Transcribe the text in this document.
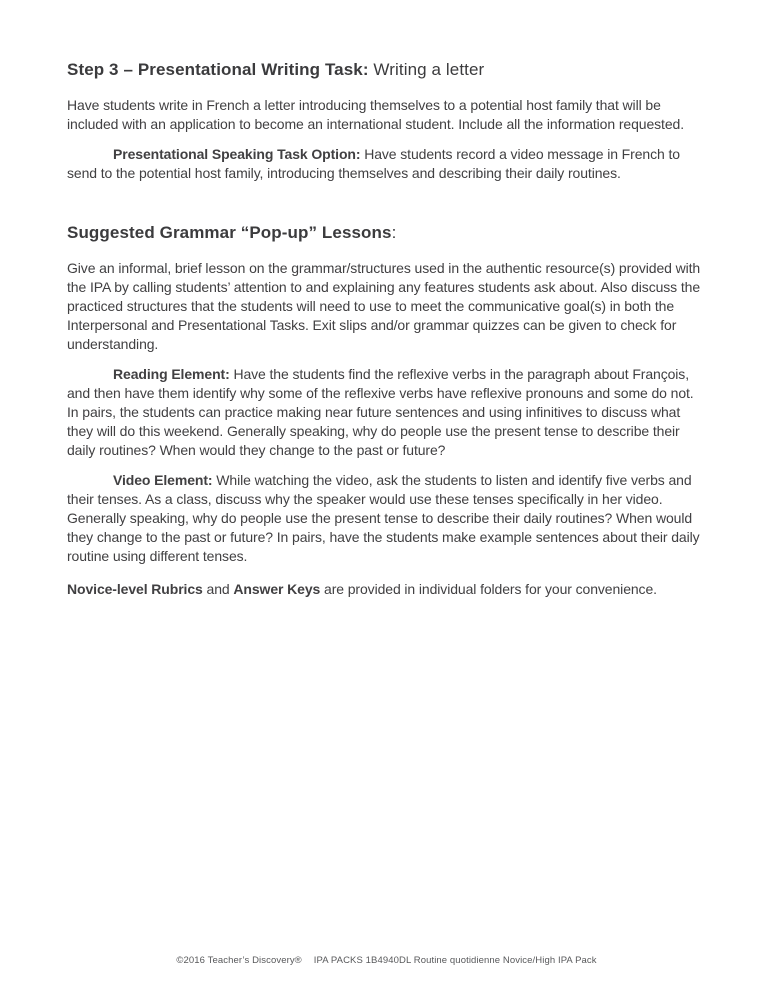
Step 3 – Presentational Writing Task: Writing a letter

Have students write in French a letter introducing themselves to a potential host family that will be included with an application to become an international student. Include all the information requested.

Presentational Speaking Task Option: Have students record a video message in French to send to the potential host family, introducing themselves and describing their daily routines.

Suggested Grammar “Pop-up” Lessons:

Give an informal, brief lesson on the grammar/structures used in the authentic resource(s) provided with the IPA by calling students’ attention to and explaining any features students ask about. Also discuss the practiced structures that the students will need to use to meet the communicative goal(s) in both the Interpersonal and Presentational Tasks. Exit slips and/or grammar quizzes can be given to check for understanding.

Reading Element: Have the students find the reflexive verbs in the paragraph about François, and then have them identify why some of the reflexive verbs have reflexive pronouns and some do not. In pairs, the students can practice making near future sentences and using infinitives to discuss what they will do this weekend. Generally speaking, why do people use the present tense to describe their daily routines? When would they change to the past or future?

Video Element: While watching the video, ask the students to listen and identify five verbs and their tenses. As a class, discuss why the speaker would use these tenses specifically in her video. Generally speaking, why do people use the present tense to describe their daily routines? When would they change to the past or future? In pairs, have the students make example sentences about their daily routine using different tenses.

Novice-level Rubrics and Answer Keys are provided in individual folders for your convenience.

©2016 Teacher’s Discovery® IPA PACKS 1B4940DL Routine quotidienne Novice/High IPA Pack
